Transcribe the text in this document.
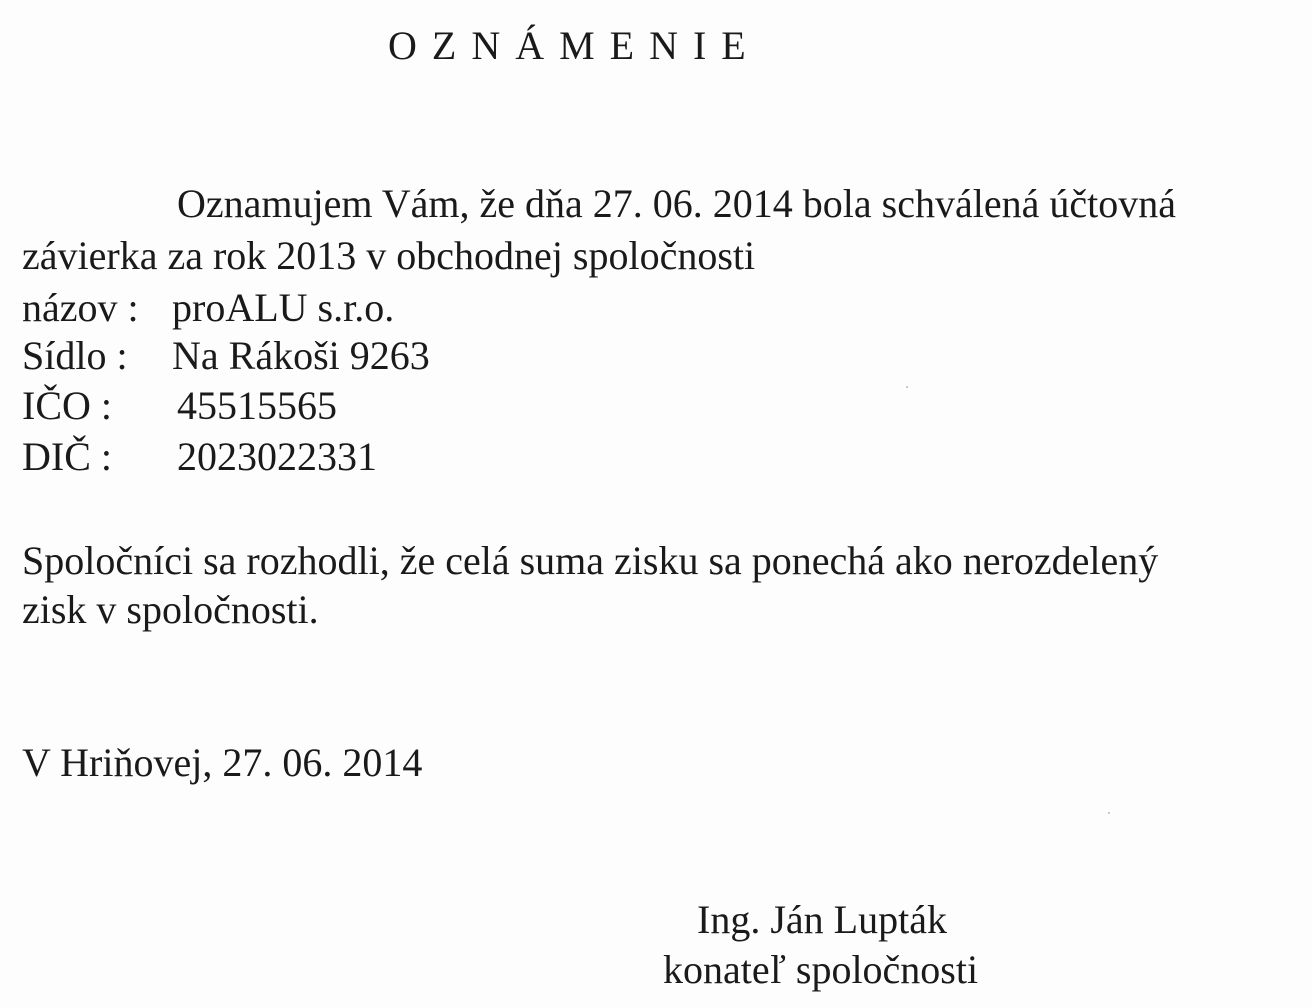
OZNÁMENIE
Oznamujem Vám, že dňa 27. 06. 2014 bola schválená účtovná
závierka za rok 2013 v obchodnej spoločnosti
názov : proALU s.r.o.
Sídlo : Na Rákoši 9263
IČO : 45515565
DIČ : 2023022331
Spoločníci sa rozhodli, že celá suma zisku sa ponechá ako nerozdelený
zisk v spoločnosti.
V Hriňovej, 27. 06. 2014
Ing. Ján Lupták
konateľ spoločnosti
